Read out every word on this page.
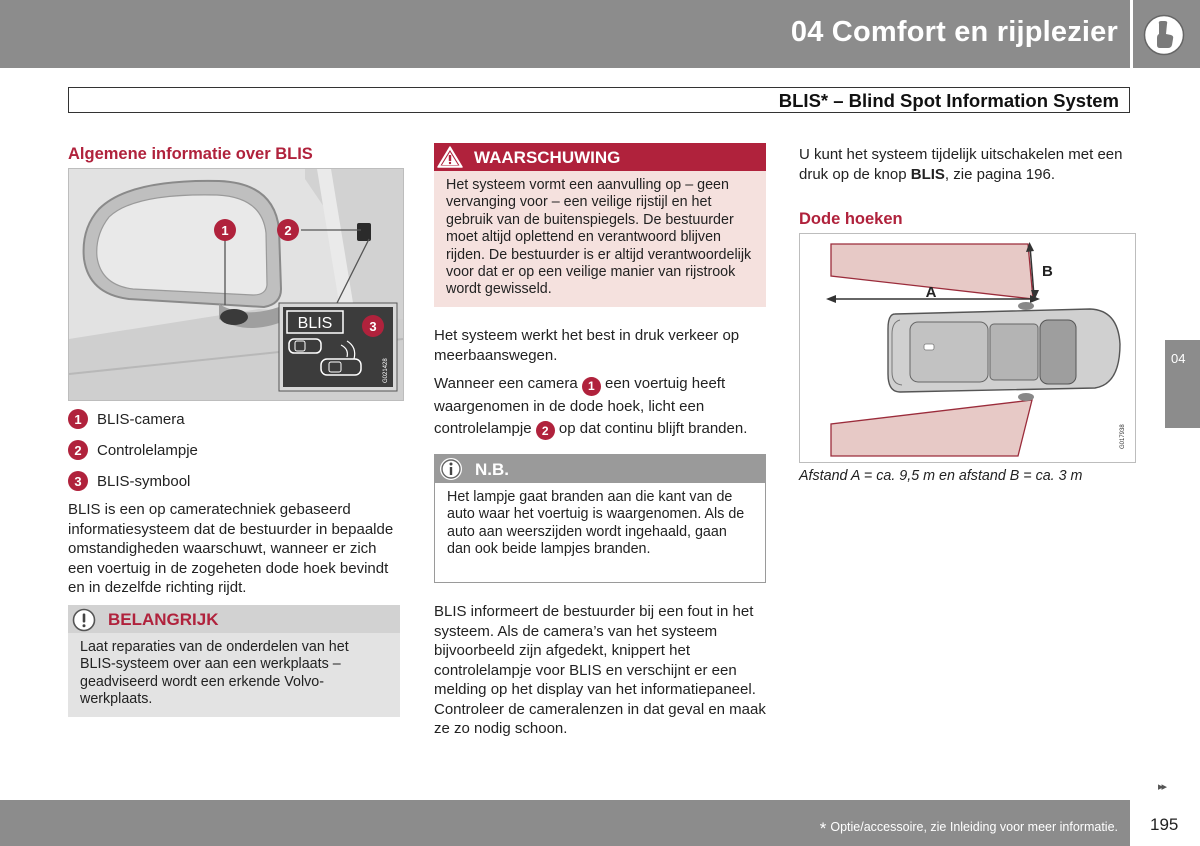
04 Comfort en rijplezier
BLIS* – Blind Spot Information System
Algemene informatie over BLIS
BLIS
G021428
1	2
3
1	BLIS-camera
2	Controlelampje
3	BLIS-symbool
BLIS is een op cameratechniek gebaseerd informatiesysteem dat de bestuurder in bepaalde omstandigheden waarschuwt, wanneer er zich een voertuig in de zogeheten dode hoek bevindt en in dezelfde richting rijdt.
BELANGRIJK
Laat reparaties van de onderdelen van het BLIS-systeem over aan een werkplaats – geadviseerd wordt een erkende Volvo-werkplaats.
WAARSCHUWING
Het systeem vormt een aanvulling op – geen vervanging voor – een veilige rijstijl en het gebruik van de buitenspiegels. De bestuurder moet altijd oplettend en verantwoord blijven rijden. De bestuurder is er altijd verantwoordelijk voor dat er op een veilige manier van rijstrook wordt gewisseld.
Het systeem werkt het best in druk verkeer op meerbaanswegen.
Wanneer een camera 1 een voertuig heeft waargenomen in de dode hoek, licht een controlelampje 2 op dat continu blijft branden.
N.B.
Het lampje gaat branden aan die kant van de auto waar het voertuig is waargenomen. Als de auto aan weerszijden wordt ingehaald, gaan dan ook beide lampjes branden.
BLIS informeert de bestuurder bij een fout in het systeem. Als de camera’s van het systeem bijvoorbeeld zijn afgedekt, knippert het controlelampje voor BLIS en verschijnt er een melding op het display van het informatiepaneel. Controleer de cameralenzen in dat geval en maak ze zo nodig schoon.
U kunt het systeem tijdelijk uitschakelen met een druk op de knop BLIS, zie pagina 196.
Dode hoeken
A
B
G017938
Afstand A = ca. 9,5 m en afstand B = ca. 3 m
04
▸▸
* Optie/accessoire, zie Inleiding voor meer informatie. 195
